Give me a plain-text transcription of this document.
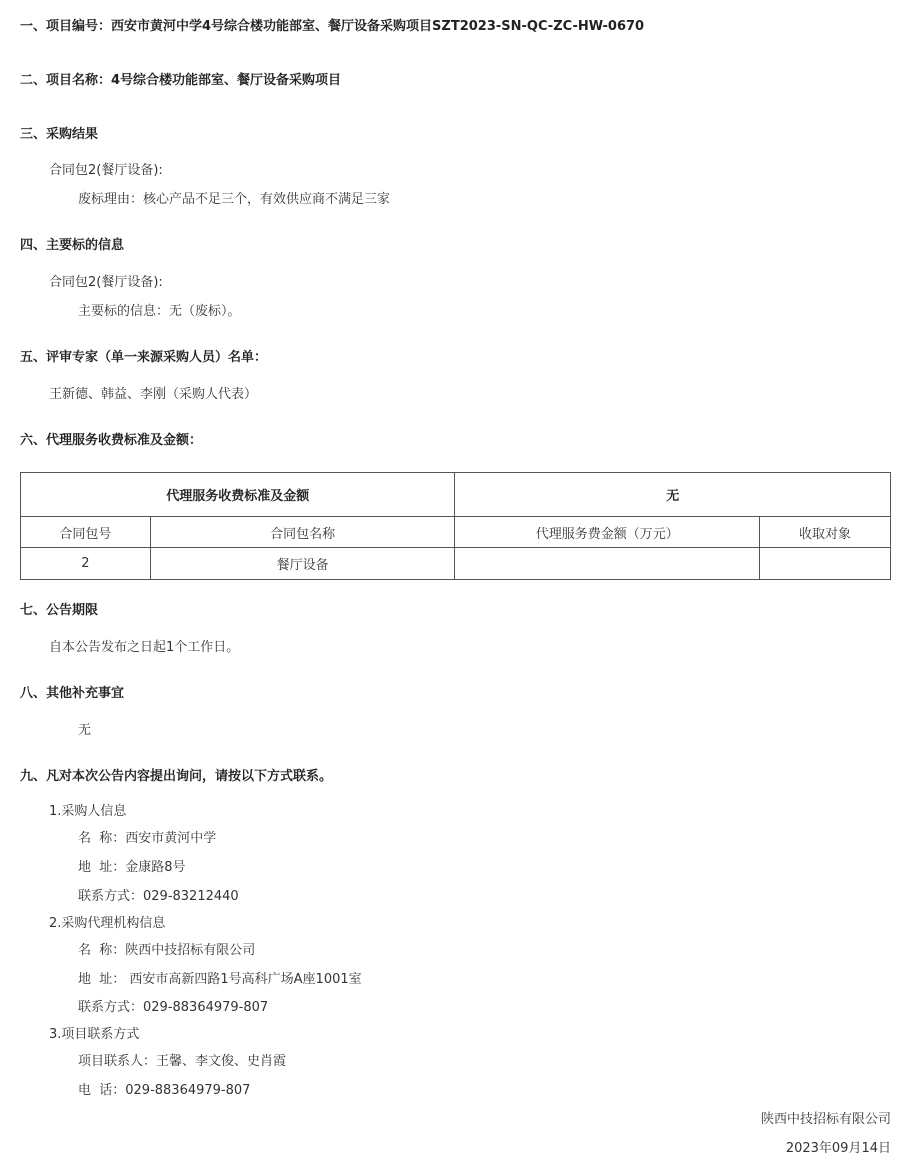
一、项目编号：西安市黄河中学4号综合楼功能部室、餐厅设备采购项目SZT2023-SN-QC-ZC-HW-0670
二、项目名称：4号综合楼功能部室、餐厅设备采购项目
三、采购结果
合同包2(餐厅设备):
废标理由：核心产品不足三个，有效供应商不满足三家
四、主要标的信息
合同包2(餐厅设备):
主要标的信息：无（废标）。
五、评审专家（单一来源采购人员）名单：
王新德、韩益、李刚（采购人代表）
六、代理服务收费标准及金额：
代理服务收费标准及金额		无	
合同包号	合同包名称	代理服务费金额（万元）	收取对象
2	餐厅设备		
七、公告期限
自本公告发布之日起1个工作日。
八、其他补充事宜
无
九、凡对本次公告内容提出询问，请按以下方式联系。
1.采购人信息
名  称：西安市黄河中学
地  址：金康路8号
联系方式：029-83212440
2.采购代理机构信息
名  称：陕西中技招标有限公司
地  址： 西安市高新四路1号高科广场A座1001室
联系方式：029-88364979-807
3.项目联系方式
项目联系人：王馨、李文俊、史肖霞
电  话：029-88364979-807
陕西中技招标有限公司
2023年09月14日
